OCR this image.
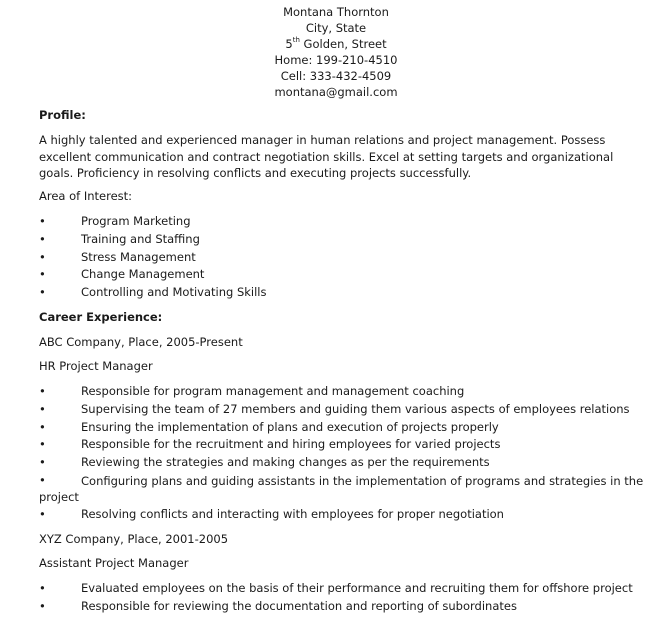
Montana Thornton
City, State
5th Golden, Street
Home: 199-210-4510
Cell: 333-432-4509
montana@gmail.com
Profile:
A highly talented and experienced manager in human relations and project management. Possess excellent communication and contract negotiation skills. Excel at setting targets and organizational goals. Proficiency in resolving conflicts and executing projects successfully.
Area of Interest:
•	Program Marketing
•	Training and Staffing
•	Stress Management
•	Change Management
•	Controlling and Motivating Skills
Career Experience:
ABC Company, Place, 2005-Present
HR Project Manager
•	Responsible for program management and management coaching
•	Supervising the team of 27 members and guiding them various aspects of employees relations
•	Ensuring the implementation of plans and execution of projects properly
•	Responsible for the recruitment and hiring employees for varied projects
•	Reviewing the strategies and making changes as per the requirements
•	Configuring plans and guiding assistants in the implementation of programs and strategies in the
project
•	Resolving conflicts and interacting with employees for proper negotiation
XYZ Company, Place, 2001-2005
Assistant Project Manager
•	Evaluated employees on the basis of their performance and recruiting them for offshore project
•	Responsible for reviewing the documentation and reporting of subordinates
